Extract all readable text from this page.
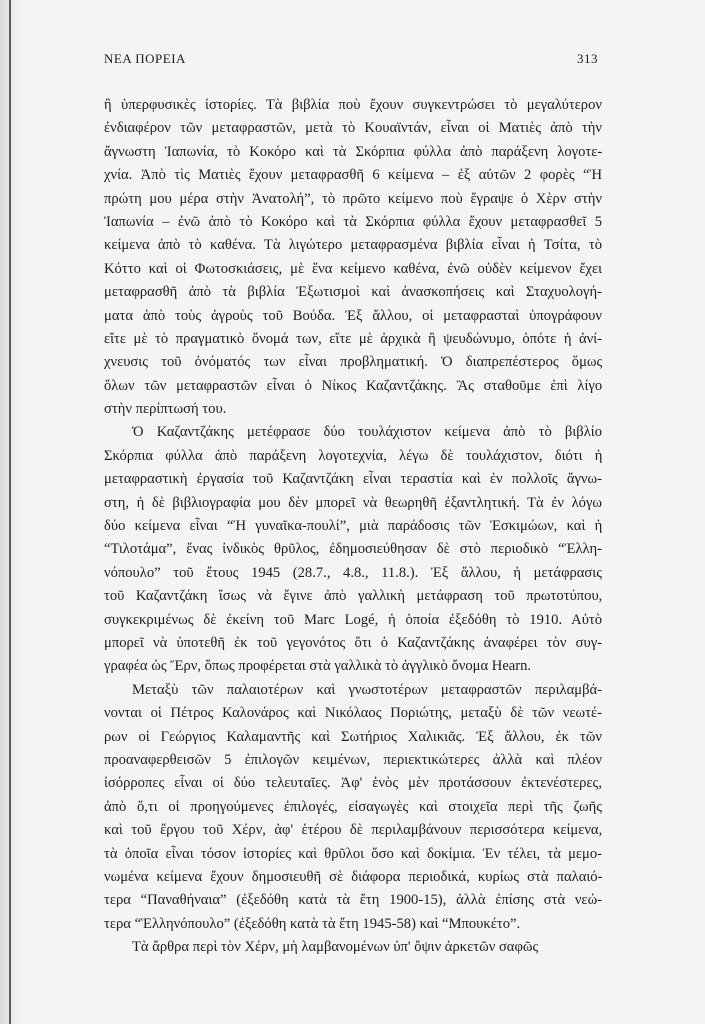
ΝΕΑ ΠΟΡΕΙΑ	313
ἢ ὑπερφυσικὲς ἱστορίες. Τὰ βιβλία ποὺ ἔχουν συγκεντρώσει τὸ μεγαλύτερον
ἐνδιαφέρον τῶν μεταφραστῶν, μετὰ τὸ Κουαϊντάν, εἶναι οἱ Ματιὲς ἀπὸ τὴν
ἄγνωστη Ἰαπωνία, τὸ Κοκόρο καὶ τὰ Σκόρπια φύλλα ἀπὸ παράξενη λογοτε-
χνία. Ἀπὸ τὶς Ματιὲς ἔχουν μεταφρασθῆ 6 κείμενα – ἐξ αὐτῶν 2 φορὲς “Ἡ
πρώτη μου μέρα στὴν Ἀνατολή”, τὸ πρῶτο κείμενο ποὺ ἔγραψε ὁ Χὲρν στὴν
Ἰαπωνία – ἐνῶ ἀπὸ τὸ Κοκόρο καὶ τὰ Σκόρπια φύλλα ἔχουν μεταφρασθεῖ 5
κείμενα ἀπὸ τὸ καθένα. Τὰ λιγώτερο μεταφρασμένα βιβλία εἶναι ἡ Τσίτα, τὸ
Κόττο καὶ οἱ Φωτοσκιάσεις, μὲ ἕνα κείμενο καθένα, ἐνῶ οὐδὲν κείμενον ἔχει
μεταφρασθῆ ἀπὸ τὰ βιβλία Ἐξωτισμοὶ καὶ ἀνασκοπήσεις καὶ Σταχυολογή-
ματα ἀπὸ τοὺς ἀγροὺς τοῦ Βούδα. Ἐξ ἄλλου, οἱ μεταφρασταὶ ὑπογράφουν
εἴτε μὲ τὸ πραγματικὸ ὄνομά των, εἴτε μὲ ἀρχικὰ ἢ ψευδώνυμο, ὁπότε ἡ ἀνί-
χνευσις τοῦ ὀνόματός των εἶναι προβληματική. Ὁ διαπρεπέστερος ὅμως
ὅλων τῶν μεταφραστῶν εἶναι ὁ Νίκος Καζαντζάκης. Ἂς σταθοῦμε ἐπὶ λίγο
στὴν περίπτωσή του.
Ὁ Καζαντζάκης μετέφρασε δύο τουλάχιστον κείμενα ἀπὸ τὸ βιβλίο
Σκόρπια φύλλα ἀπὸ παράξενη λογοτεχνία, λέγω δὲ τουλάχιστον, διότι ἡ
μεταφραστικὴ ἐργασία τοῦ Καζαντζάκη εἶναι τεραστία καὶ ἐν πολλοῖς ἄγνω-
στη, ἡ δὲ βιβλιογραφία μου δὲν μπορεῖ νὰ θεωρηθῆ ἐξαντλητική. Τὰ ἐν λόγω
δύο κείμενα εἶναι “Ἡ γυναῖκα-πουλί”, μιὰ παράδοσις τῶν Ἐσκιμώων, καὶ ἡ
“Τιλοτάμα”, ἕνας ἰνδικὸς θρῦλος, ἐδημοσιεύθησαν δὲ στὸ περιοδικὸ “Ἑλλη-
νόπουλο” τοῦ ἔτους 1945 (28.7., 4.8., 11.8.). Ἐξ ἄλλου, ἡ μετάφρασις
τοῦ Καζαντζάκη ἴσως νὰ ἔγινε ἀπὸ γαλλικὴ μετάφραση τοῦ πρωτοτύπου,
συγκεκριμένως δὲ ἐκείνη τοῦ Marc Logé, ἡ ὁποία ἐξεδόθη τὸ 1910. Αὐτὸ
μπορεῖ νὰ ὑποτεθῆ ἐκ τοῦ γεγονότος ὅτι ὁ Καζαντζάκης ἀναφέρει τὸν συγ-
γραφέα ὡς Ἔρν, ὅπως προφέρεται στὰ γαλλικὰ τὸ ἀγγλικὸ ὄνομα Hearn.
Μεταξὺ τῶν παλαιοτέρων καὶ γνωστοτέρων μεταφραστῶν περιλαμβά-
νονται οἱ Πέτρος Καλονάρος καὶ Νικόλαος Πoριώτης, μεταξὺ δὲ τῶν νεωτέ-
ρων οἱ Γεώργιος Καλαμαντῆς καὶ Σωτήριος Χαλικιᾶς. Ἐξ ἄλλου, ἐκ τῶν
προαναφερθεισῶν 5 ἐπιλογῶν κειμένων, περιεκτικώτερες ἀλλὰ καὶ πλέον
ἰσόρροπες εἶναι οἱ δύο τελευταῖες. Ἀφ' ἑνὸς μὲν προτάσσουν ἐκτενέστερες,
ἀπὸ ὅ,τι οἱ προηγούμενες ἐπιλογές, εἰσαγωγὲς καὶ στοιχεῖα περὶ τῆς ζωῆς
καὶ τοῦ ἔργου τοῦ Χέρν, ἀφ' ἑτέρου δὲ περιλαμβάνουν περισσότερα κείμενα,
τὰ ὁποῖα εἶναι τόσον ἱστορίες καὶ θρῦλοι ὅσο καὶ δοκίμια. Ἐν τέλει, τὰ μεμο-
νωμένα κείμενα ἔχουν δημοσιευθῆ σὲ διάφορα περιοδικά, κυρίως στὰ παλαιό-
τερα “Παναθήναια” (ἐξεδόθη κατὰ τὰ ἔτη 1900-15), ἀλλὰ ἐπίσης στὰ νεώ-
τερα “Ἑλληνόπουλο” (ἐξεδόθη κατὰ τὰ ἔτη 1945-58) καὶ “Μπουκέτο”.
Τὰ ἄρθρα περὶ τὸν Χέρν, μὴ λαμβανομένων ὑπ' ὄψιν ἀρκετῶν σαφῶς
